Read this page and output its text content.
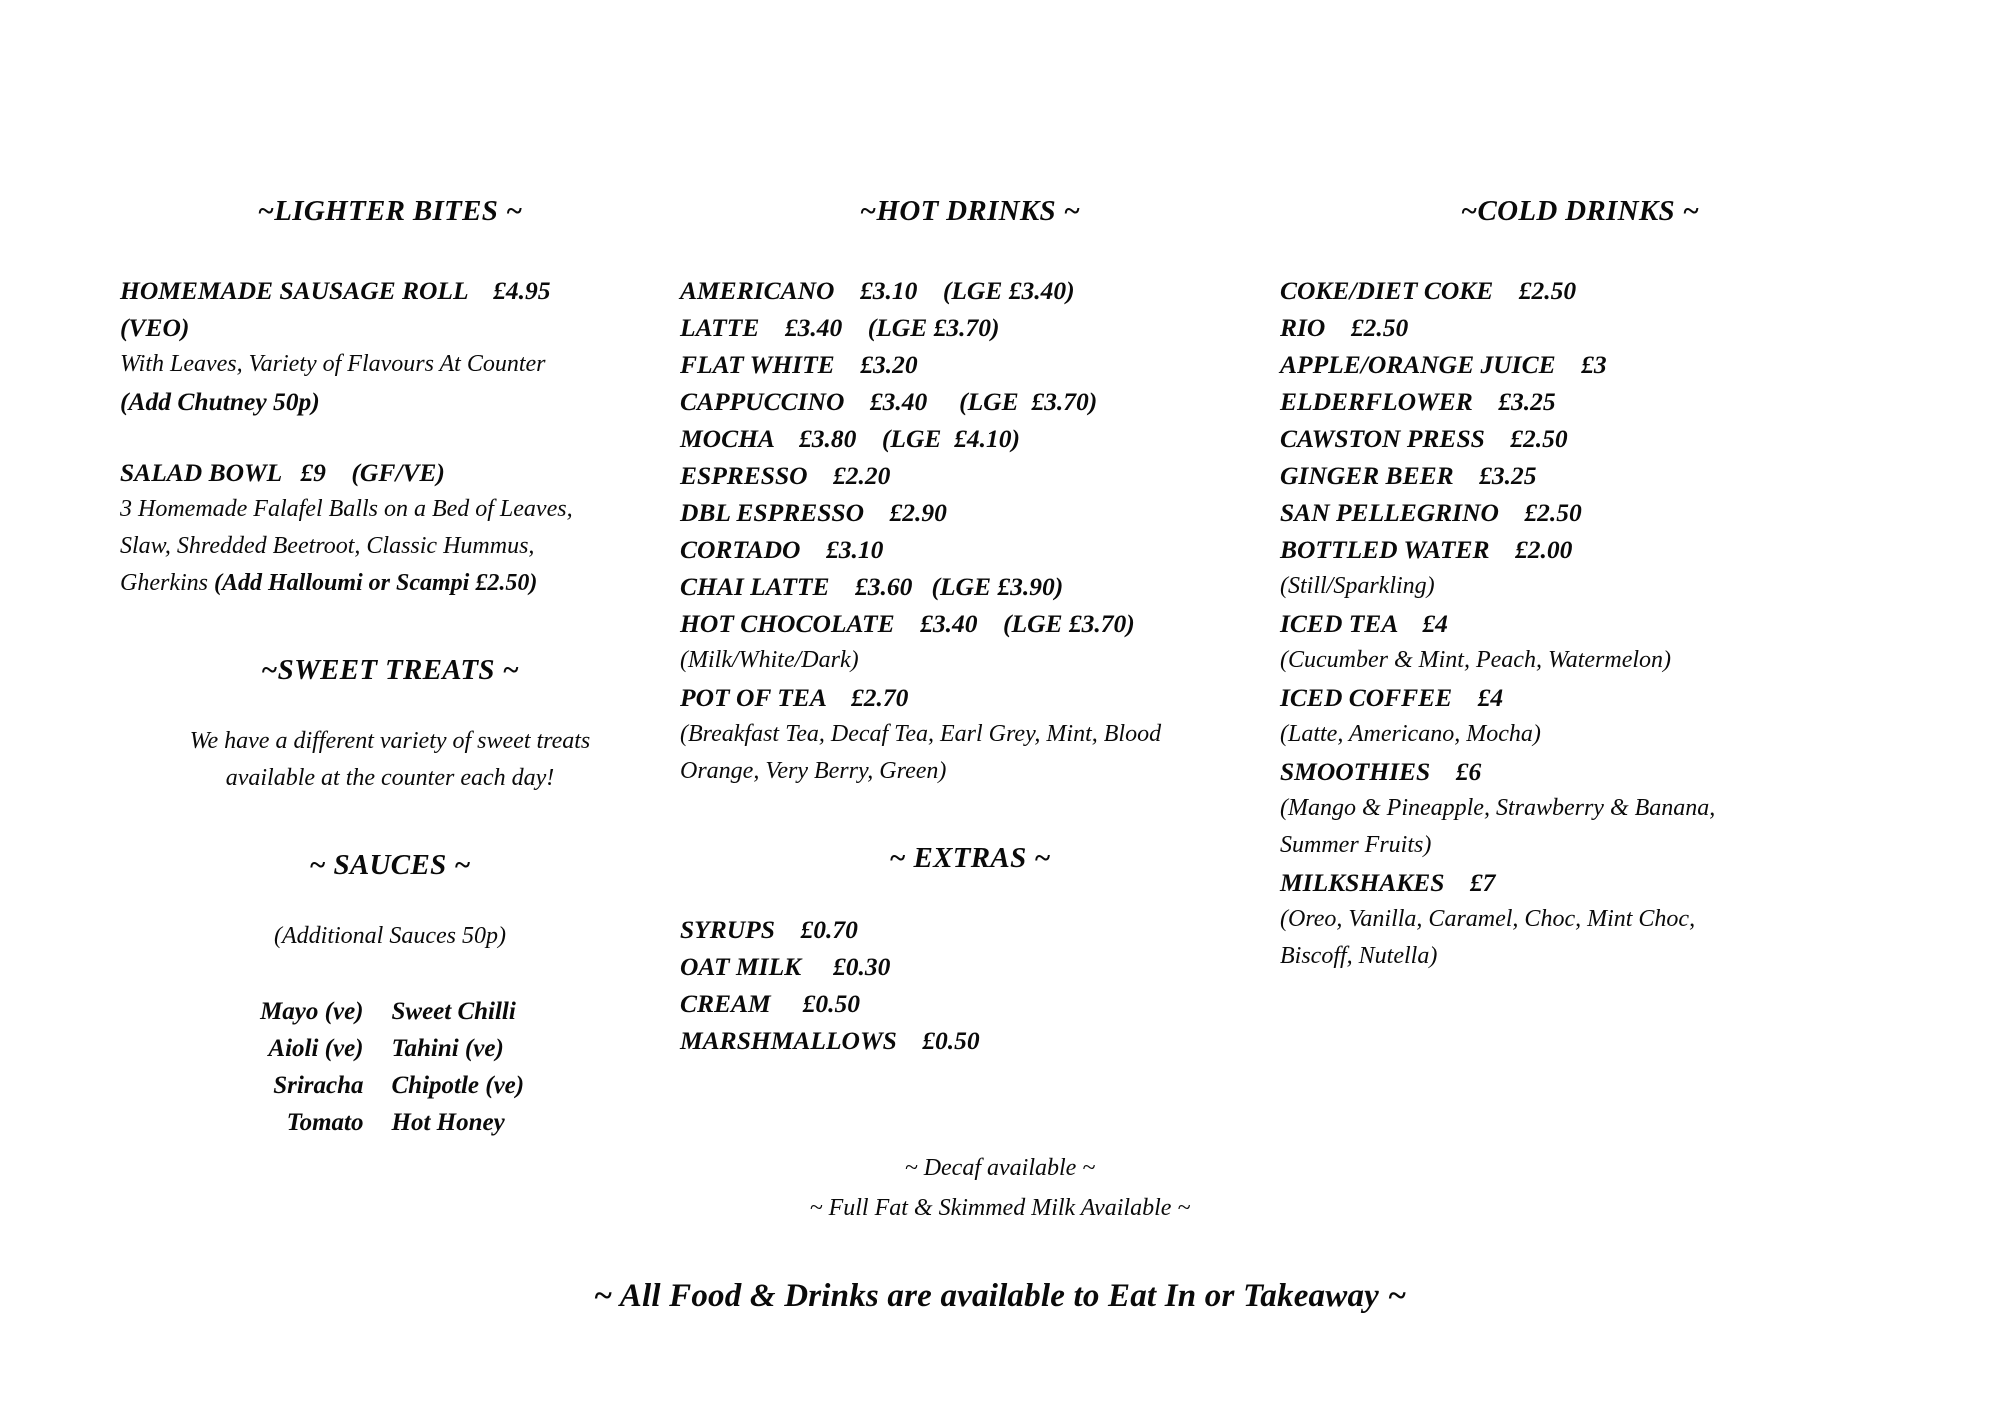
~LIGHTER BITES ~

HOMEMADE SAUSAGE ROLL    £4.95

(VEO)

With Leaves, Variety of Flavours At Counter

(Add Chutney 50p)

SALAD BOWL   £9    (GF/VE)

3 Homemade Falafel Balls on a Bed of Leaves,

Slaw, Shredded Beetroot, Classic Hummus,

Gherkins (Add Halloumi or Scampi £2.50)

~SWEET TREATS ~

We have a different variety of sweet treats

available at the counter each day!

~ SAUCES ~

(Additional Sauces 50p)

Mayo (ve)	Sweet Chilli
Aioli (ve)	Tahini (ve)
Sriracha	Chipotle (ve)
Tomato	Hot Honey
~HOT DRINKS ~

AMERICANO    £3.10    (LGE £3.40)

LATTE    £3.40    (LGE £3.70)

FLAT WHITE    £3.20

CAPPUCCINO    £3.40     (LGE  £3.70)

MOCHA    £3.80    (LGE  £4.10)

ESPRESSO    £2.20

DBL ESPRESSO    £2.90

CORTADO    £3.10

CHAI LATTE    £3.60   (LGE £3.90)

HOT CHOCOLATE    £3.40    (LGE £3.70)

(Milk/White/Dark)

POT OF TEA    £2.70

(Breakfast Tea, Decaf Tea, Earl Grey, Mint, Blood

Orange, Very Berry, Green)

~ EXTRAS ~

SYRUPS    £0.70

OAT MILK     £0.30

CREAM     £0.50

MARSHMALLOWS    £0.50

~COLD DRINKS ~

COKE/DIET COKE    £2.50

RIO    £2.50

APPLE/ORANGE JUICE    £3

ELDERFLOWER    £3.25

CAWSTON PRESS    £2.50

GINGER BEER    £3.25

SAN PELLEGRINO    £2.50

BOTTLED WATER    £2.00

(Still/Sparkling)

ICED TEA    £4

(Cucumber & Mint, Peach, Watermelon)

ICED COFFEE    £4

(Latte, Americano, Mocha)

SMOOTHIES    £6

(Mango & Pineapple, Strawberry & Banana,

Summer Fruits)

MILKSHAKES    £7

(Oreo, Vanilla, Caramel, Choc, Mint Choc,

Biscoff, Nutella)

~ Decaf available ~

~ Full Fat & Skimmed Milk Available ~

~ All Food & Drinks are available to Eat In or Takeaway ~
